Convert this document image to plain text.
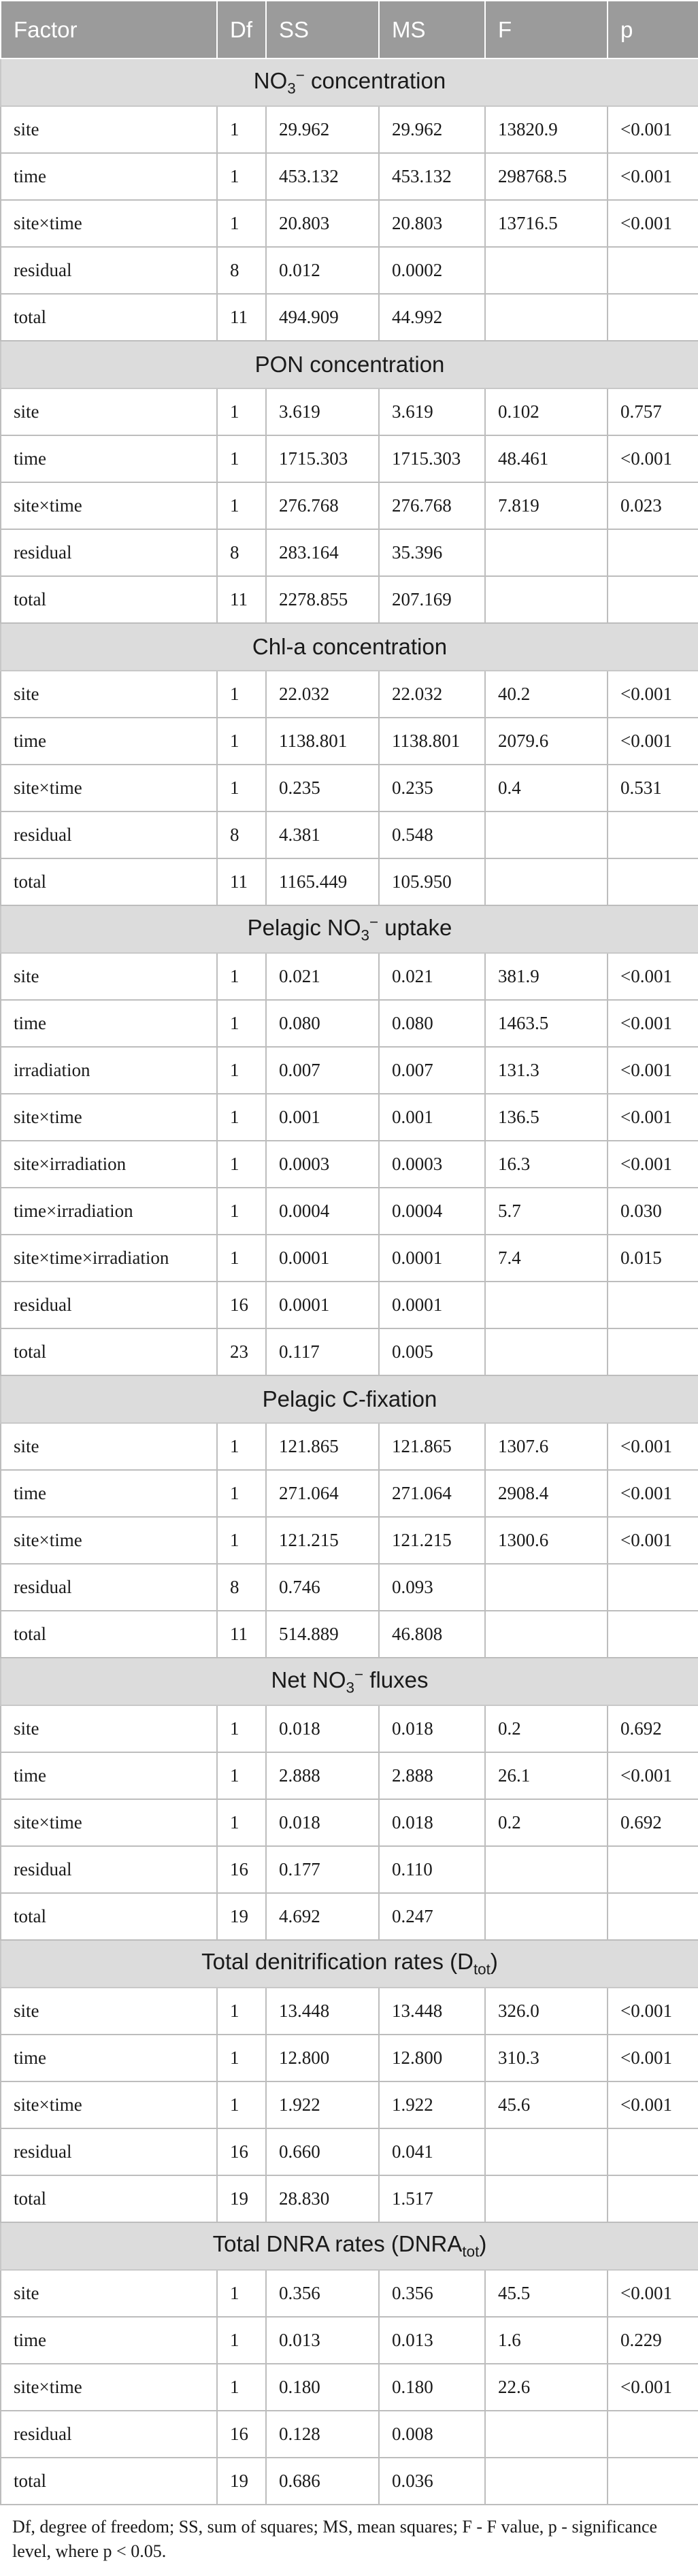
Factor	Df	SS	MS	F	p
$NO_3^-$ concentration					
site	1	29.962	29.962	13820.9	<0.001
time	1	453.132	453.132	298768.5	<0.001
site×time	1	20.803	20.803	13716.5	<0.001
residual	8	0.012	0.0002		
total	11	494.909	44.992		
PON concentration					
site	1	3.619	3.619	0.102	0.757
time	1	1715.303	1715.303	48.461	<0.001
site×time	1	276.768	276.768	7.819	0.023
residual	8	283.164	35.396		
total	11	2278.855	207.169		
Chl-a concentration					
site	1	22.032	22.032	40.2	<0.001
time	1	1138.801	1138.801	2079.6	<0.001
site×time	1	0.235	0.235	0.4	0.531
residual	8	4.381	0.548		
total	11	1165.449	105.950		
Pelagic $NO_3^-$ uptake					
site	1	0.021	0.021	381.9	<0.001
time	1	0.080	0.080	1463.5	<0.001
irradiation	1	0.007	0.007	131.3	<0.001
site×time	1	0.001	0.001	136.5	<0.001
site×irradiation	1	0.0003	0.0003	16.3	<0.001
time×irradiation	1	0.0004	0.0004	5.7	0.030
site×time×irradiation	1	0.0001	0.0001	7.4	0.015
residual	16	0.0001	0.0001		
total	23	0.117	0.005		
Pelagic C-fixation					
site	1	121.865	121.865	1307.6	<0.001
time	1	271.064	271.064	2908.4	<0.001
site×time	1	121.215	121.215	1300.6	<0.001
residual	8	0.746	0.093		
total	11	514.889	46.808		
Net $NO_3^-$ fluxes					
site	1	0.018	0.018	0.2	0.692
time	1	2.888	2.888	26.1	<0.001
site×time	1	0.018	0.018	0.2	0.692
residual	16	0.177	0.110		
total	19	4.692	0.247		
Total denitrification rates $(D_{tot})$					
site	1	13.448	13.448	326.0	<0.001
time	1	12.800	12.800	310.3	<0.001
site×time	1	1.922	1.922	45.6	<0.001
residual	16	0.660	0.041		
total	19	28.830	1.517		
Total DNRA rates $(DNRA_{tot})$					
site	1	0.356	0.356	45.5	<0.001
time	1	0.013	0.013	1.6	0.229
site×time	1	0.180	0.180	22.6	<0.001
residual	16	0.128	0.008		
total	19	0.686	0.036		
Df, degree of freedom; SS, sum of squares; MS, mean squares; F - F value, p - significance level, where p < 0.05.
